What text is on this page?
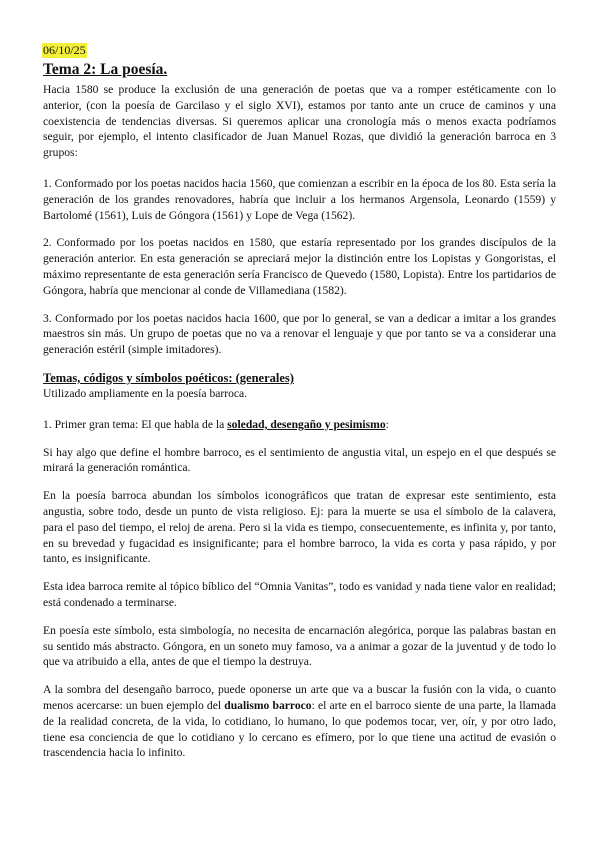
06/10/25
Tema 2: La poesía.

Hacia 1580 se produce la exclusión de una generación de poetas que va a romper estéticamente con lo anterior, (con la poesía de Garcilaso y el siglo XVI), estamos por tanto ante un cruce de caminos y una coexistencia de tendencias diversas. Si queremos aplicar una cronología más o menos exacta podríamos seguir, por ejemplo, el intento clasificador de Juan Manuel Rozas, que dividió la generación barroca en 3 grupos:

1. Conformado por los poetas nacidos hacia 1560, que comienzan a escribir en la época de los 80. Esta sería la generación de los grandes renovadores, habría que incluir a los hermanos Argensola, Leonardo (1559) y Bartolomé (1561), Luis de Góngora (1561) y Lope de Vega (1562).

2. Conformado por los poetas nacidos en 1580, que estaría representado por los grandes discípulos de la generación anterior. En esta generación se apreciará mejor la distinción entre los Lopistas y Gongoristas, el máximo representante de esta generación sería Francisco de Quevedo (1580, Lopista). Entre los partidarios de Góngora, habría que mencionar al conde de Villamediana (1582).

3. Conformado por los poetas nacidos hacia 1600, que por lo general, se van a dedicar a imitar a los grandes maestros sin más. Un grupo de poetas que no va a renovar el lenguaje y que por tanto se va a considerar una generación estéril (simple imitadores).

Temas, códigos y símbolos poéticos: (generales)

Utilizado ampliamente en la poesía barroca.

1. Primer gran tema: El que habla de la soledad, desengaño y pesimismo:

Si hay algo que define el hombre barroco, es el sentimiento de angustia vital, un espejo en el que después se mirará la generación romántica.

En la poesía barroca abundan los símbolos iconográficos que tratan de expresar este sentimiento, esta angustia, sobre todo, desde un punto de vista religioso. Ej: para la muerte se usa el símbolo de la calavera, para el paso del tiempo, el reloj de arena. Pero si la vida es tiempo, consecuentemente, es infinita y, por tanto, en su brevedad y fugacidad es insignificante; para el hombre barroco, la vida es corta y pasa rápido, y por tanto, es insignificante.

Esta idea barroca remite al tópico bíblico del “Omnia Vanitas”, todo es vanidad y nada tiene valor en realidad; está condenado a terminarse.

En poesía este símbolo, esta simbología, no necesita de encarnación alegórica, porque las palabras bastan en su sentido más abstracto. Góngora, en un soneto muy famoso, va a animar a gozar de la juventud y de todo lo que va atribuido a ella, antes de que el tiempo la destruya.

A la sombra del desengaño barroco, puede oponerse un arte que va a buscar la fusión con la vida, o cuanto menos acercarse: un buen ejemplo del dualismo barroco: el arte en el barroco siente de una parte, la llamada de la realidad concreta, de la vida, lo cotidiano, lo humano, lo que podemos tocar, ver, oír, y por otro lado, tiene esa conciencia de que lo cotidiano y lo cercano es efímero, por lo que tiene una actitud de evasión o trascendencia hacia lo infinito.
